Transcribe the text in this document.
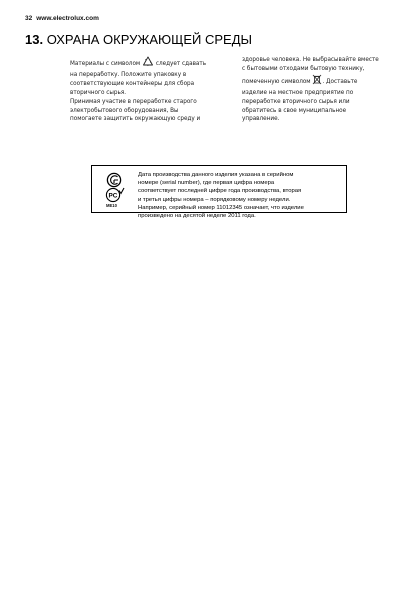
32 www.electrolux.com
13. ОХРАНА ОКРУЖАЮЩЕЙ СРЕДЫ

Материалы с символом	следует сдавать
на переработку. Положите упаковку в
соответствующие контейнеры для сбора
вторичного сырья.
Принимая участие в переработке старого
электробытового оборудования, Вы
помогаете защитить окружающую среду и

здоровье человека. Не выбрасывайте вместе
с бытовыми отходами бытовую технику,
помеченную символом . Доставьте
изделие на местное предприятие по
переработке вторичного сырья или
обратитесь в свое муниципальное
управление.

PC
МЕ10
Дата производства данного изделия указана в серийном
номере (serial number), где первая цифра номера
соответствует последней цифре года производства, вторая
и третья цифры номера – порядковому номеру недели.
Например, серийный номер 11012345 означает, что изделие
произведено на десятой неделе 2011 года.
